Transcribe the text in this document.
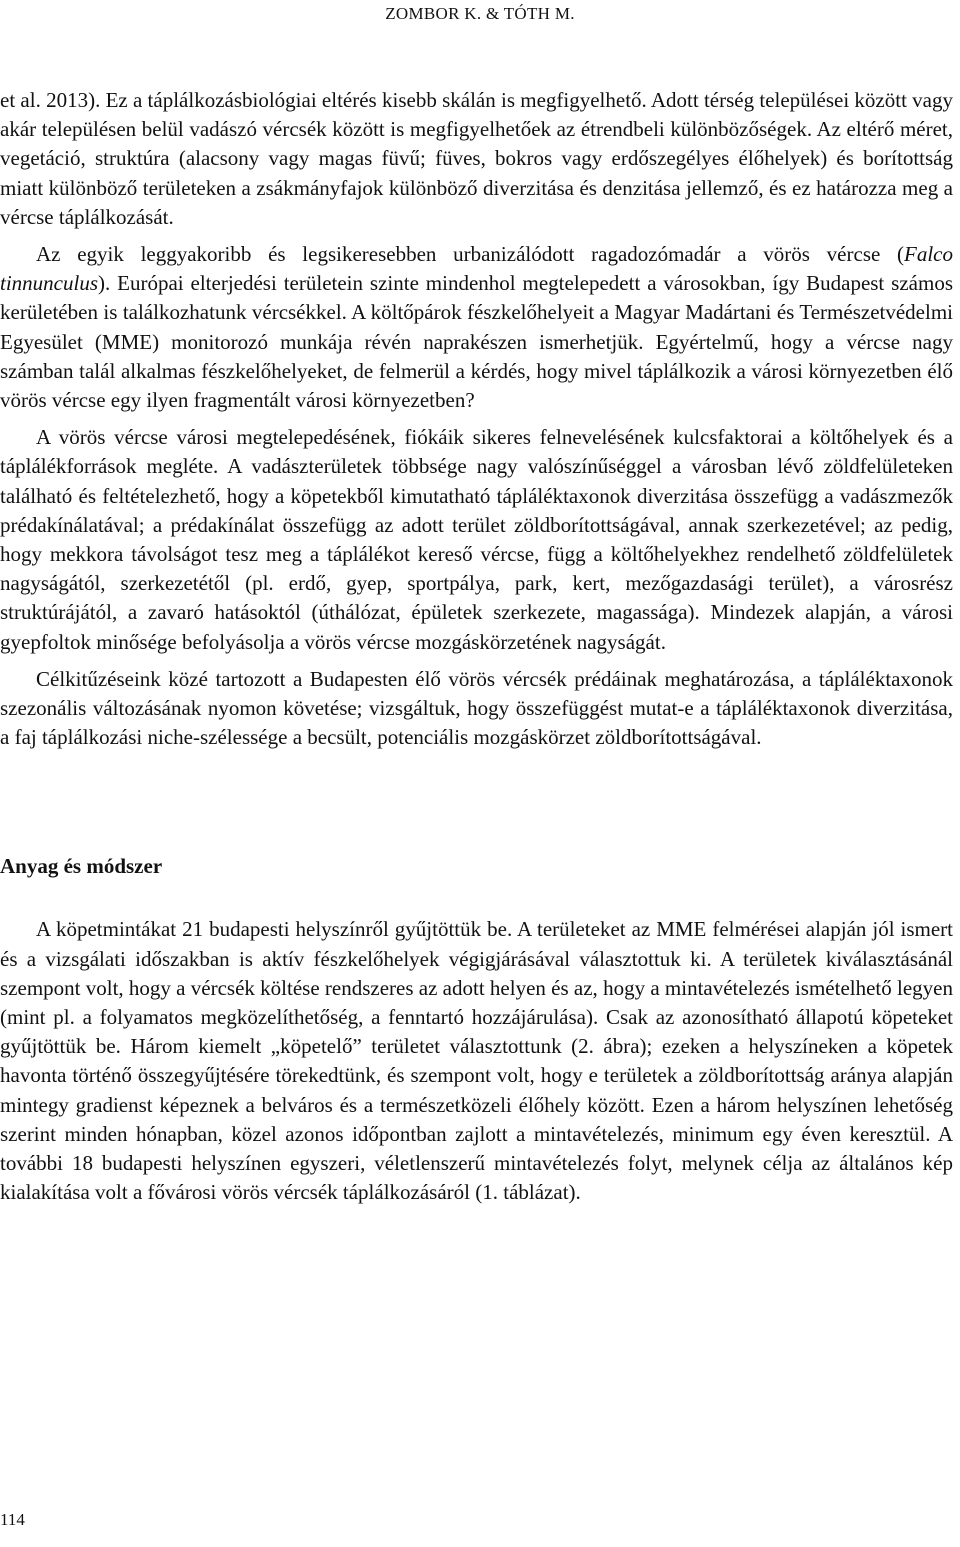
ZOMBOR K. & TÓTH M.

et al. 2013). Ez a táplálkozásbiológiai eltérés kisebb skálán is megfigyelhető. Adott térség települései között vagy akár településen belül vadászó vércsék között is megfigyelhetőek az étrendbeli különbözőségek. Az eltérő méret, vegetáció, struktúra (alacsony vagy magas füvű; füves, bokros vagy erdőszegélyes élőhelyek) és borítottság miatt különböző területeken a zsákmányfajok különböző diverzitása és denzitása jellemző, és ez határozza meg a vércse táplálkozását.

Az egyik leggyakoribb és legsikeresebben urbanizálódott ragadozómadár a vörös vércse (Falco tinnunculus). Európai elterjedési területein szinte mindenhol megtelepedett a városokban, így Budapest számos kerületében is találkozhatunk vércsékkel. A költőpárok fészkelőhelyeit a Magyar Madártani és Természetvédelmi Egyesület (MME) monitorozó munkája révén naprakészen ismerhetjük. Egyértelmű, hogy a vércse nagy számban talál alkalmas fészkelőhelyeket, de felmerül a kérdés, hogy mivel táplálkozik a városi környezetben élő vörös vércse egy ilyen fragmentált városi környezetben?

A vörös vércse városi megtelepedésének, fiókáik sikeres felnevelésének kulcsfaktorai a költőhelyek és a táplálékforrások megléte. A vadászterületek többsége nagy valószínűséggel a városban lévő zöldfelületeken található és feltételezhető, hogy a köpetekből kimutatható tápláléktaxonok diverzitása összefügg a vadászmezők prédakínálatával; a prédakínálat összefügg az adott terület zöldborítottságával, annak szerkezetével; az pedig, hogy mekkora távolságot tesz meg a táplálékot kereső vércse, függ a költőhelyekhez rendelhető zöldfelületek nagyságától, szerkezetétől (pl. erdő, gyep, sportpálya, park, kert, mezőgazdasági terület), a városrész struktúrájától, a zavaró hatásoktól (úthálózat, épületek szerkezete, magassága). Mindezek alapján, a városi gyepfoltok minősége befolyásolja a vörös vércse mozgáskörzetének nagyságát.

Célkitűzéseink közé tartozott a Budapesten élő vörös vércsék prédáinak meghatározása, a tápláléktaxonok szezonális változásának nyomon követése; vizsgáltuk, hogy összefüggést mutat-e a tápláléktaxonok diverzitása, a faj táplálkozási niche-szélessége a becsült, potenciális mozgáskörzet zöldborítottságával.

Anyag és módszer

A köpetmintákat 21 budapesti helyszínről gyűjtöttük be. A területeket az MME felmérései alapján jól ismert és a vizsgálati időszakban is aktív fészkelőhelyek végigjárásával választottuk ki. A területek kiválasztásánál szempont volt, hogy a vércsék költése rendszeres az adott helyen és az, hogy a mintavételezés ismételhető legyen (mint pl. a folyamatos megközelíthetőség, a fenntartó hozzájárulása). Csak az azonosítható állapotú köpeteket gyűjtöttük be. Három kiemelt „köpetelő” területet választottunk (2. ábra); ezeken a helyszíneken a köpetek havonta történő összegyűjtésére törekedtünk, és szempont volt, hogy e területek a zöldborítottság aránya alapján mintegy gradienst képeznek a belváros és a természetközeli élőhely között. Ezen a három helyszínen lehetőség szerint minden hónapban, közel azonos időpontban zajlott a mintavételezés, minimum egy éven keresztül. A további 18 budapesti helyszínen egyszeri, véletlenszerű mintavételezés folyt, melynek célja az általános kép kialakítása volt a fővárosi vörös vércsék táplálkozásáról (1. táblázat).

114
